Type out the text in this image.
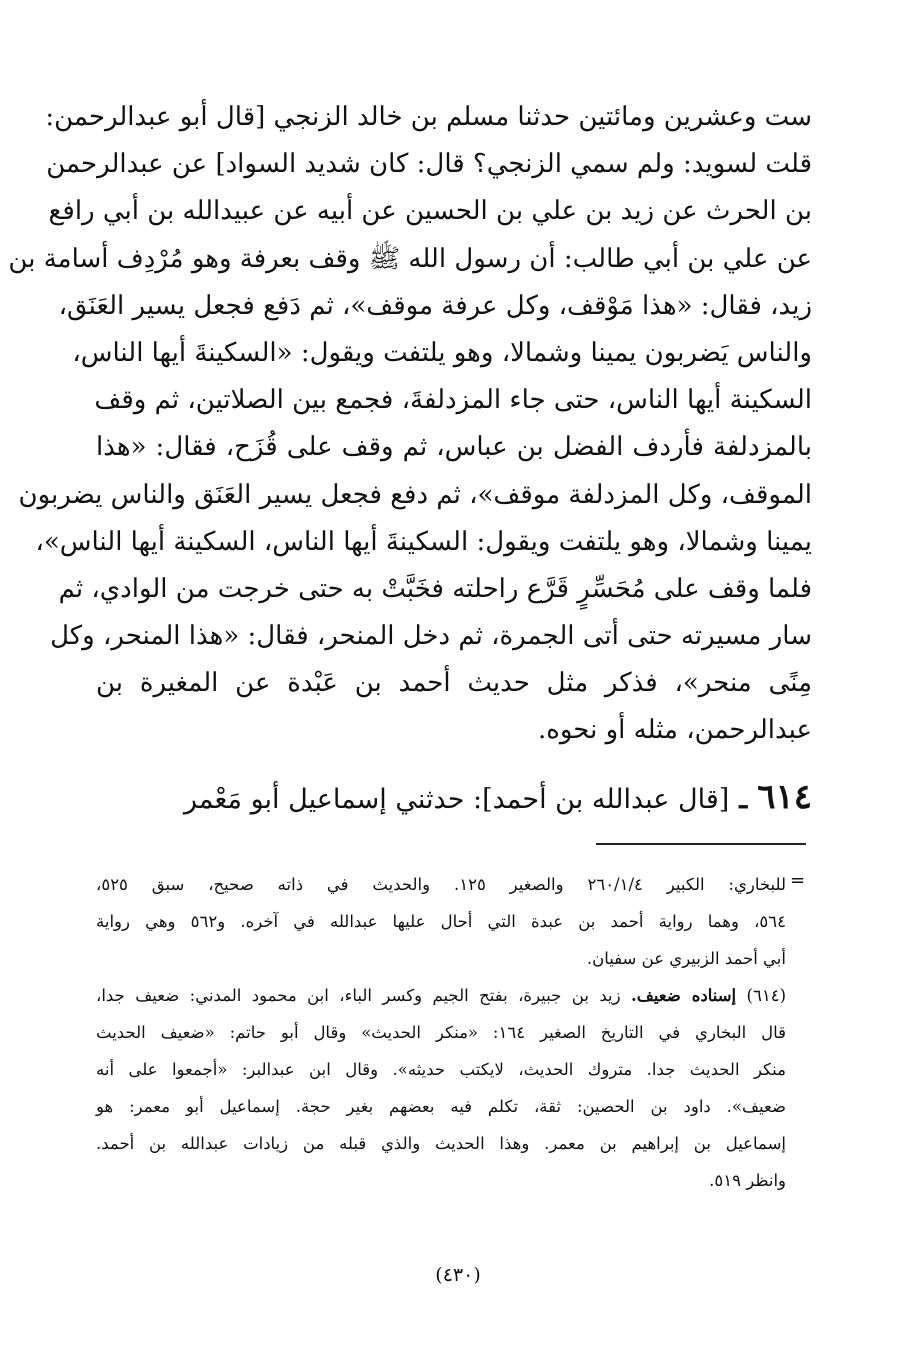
ست وعشرين ومائتين حدثنا مسلم بن خالد الزنجي [قال أبو عبدالرحمن:
قلت لسويد: ولم سمي الزنجي؟ قال: كان شديد السواد] عن عبدالرحمن
بن الحرث عن زيد بن علي بن الحسين عن أبيه عن عبيدالله بن أبي رافع
عن علي بن أبي طالب: أن رسول الله ﷺ وقف بعرفة وهو مُرْدِف أسامة بن
زيد، فقال: «هذا مَوْقف، وكل عرفة موقف»، ثم دَفع فجعل يسير العَنَق،
والناس يَضربون يمينا وشمالا، وهو يلتفت ويقول: «السكينةَ أيها الناس،
السكينة أيها الناس، حتى جاء المزدلفةَ، فجمع بين الصلاتين، ثم وقف
بالمزدلفة فأردف الفضل بن عباس، ثم وقف على قُزَح، فقال: «هذا
الموقف، وكل المزدلفة موقف»، ثم دفع فجعل يسير العَنَق والناس يضربون
يمينا وشمالا، وهو يلتفت ويقول: السكينةَ أيها الناس، السكينة أيها الناس»،
فلما وقف على مُحَسِّرٍ قَرَّع راحلته فخَبَّتْ به حتى خرجت من الوادي، ثم
سار مسيرته حتى أتى الجمرة، ثم دخل المنحر، فقال: «هذا المنحر، وكل
مِنًى منحر»، فذكر مثل حديث أحمد بن عَبْدة عن المغيرة بن
عبدالرحمن، مثله أو نحوه.
٦١٤ـ[قال عبدالله بن أحمد]: حدثني إسماعيل أبو مَعْمر
=
للبخاري: الكبير ٢٦٠/١/٤ والصغير ١٢٥. والحديث في ذاته صحيح، سبق ٥٢٥،
٥٦٤، وهما رواية أحمد بن عبدة التي أحال عليها عبدالله في آخره. و٥٦٢ وهي رواية
أبي أحمد الزبيري عن سفيان.
(٦١٤) إسناده ضعيف. زيد بن جبيرة، بفتح الجيم وكسر الباء، ابن محمود المدني: ضعيف جدا،
قال البخاري في التاريخ الصغير ١٦٤: «منكر الحديث» وقال أبو حاتم: «ضعيف الحديث
منكر الحديث جدا. متروك الحديث، لايكتب حديثه». وقال ابن عبدالبر: «أجمعوا على أنه
ضعيف». داود بن الحصين: ثقة، تكلم فيه بعضهم بغير حجة. إسماعيل أبو معمر: هو
إسماعيل بن إبراهيم بن معمر. وهذا الحديث والذي قبله من زيادات عبدالله بن أحمد.
وانظر ٥١٩.
(٤٣٠)
